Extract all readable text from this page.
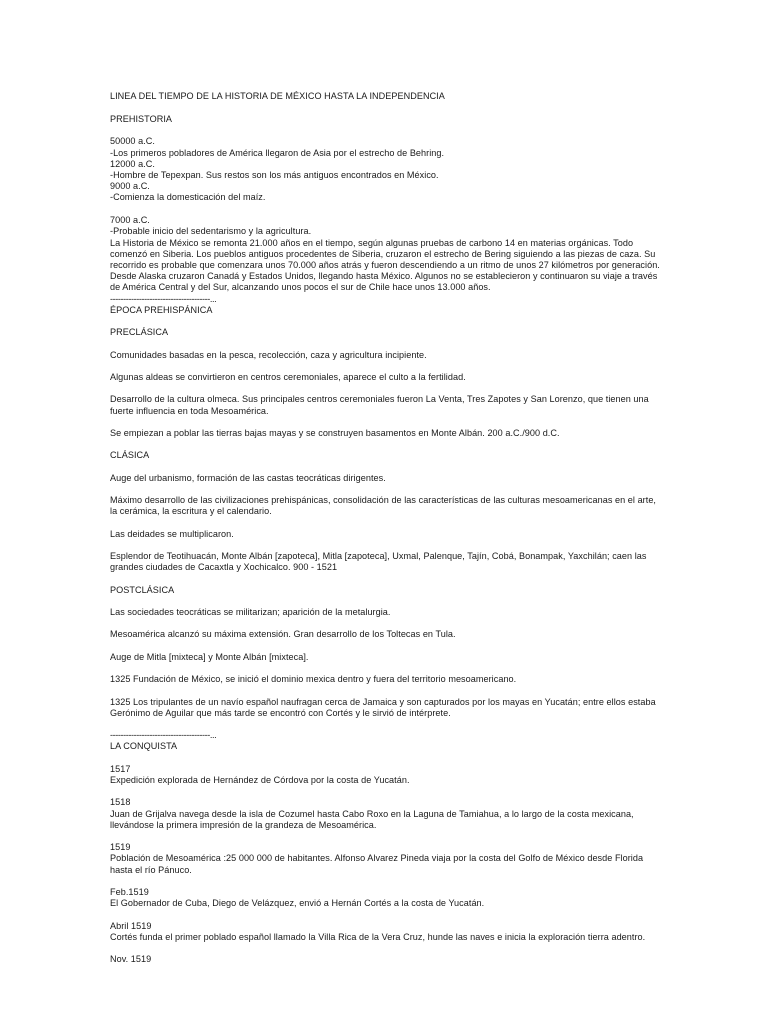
LINEA DEL TIEMPO DE LA HISTORIA DE MÉXICO HASTA LA INDEPENDENCIA

PREHISTORIA

50000 a.C.

-Los primeros pobladores de América llegaron de Asia por el estrecho de Behring.

12000 a.C.

-Hombre de Tepexpan. Sus restos son los más antiguos encontrados en México.

9000 a.C.

-Comienza la domesticación del maíz.

7000 a.C.

-Probable inicio del sedentarismo y la agricultura.

La Historia de México se remonta 21.000 años en el tiempo, según algunas pruebas de carbono 14 en materias orgánicas. Todo comenzó en Siberia. Los pueblos antiguos procedentes de Siberia, cruzaron el estrecho de Bering siguiendo a las piezas de caza. Su recorrido es probable que comenzara unos 70.000 años atrás y fueron descendiendo a un ritmo de unos 27 kilómetros por generación. Desde Alaska cruzaron Canadá y Estados Unidos, llegando hasta México. Algunos no se establecieron y continuaron su viaje a través de América Central y del Sur, alcanzando unos pocos el sur de Chile hace unos 13.000 años.

--------------------------------------...

ÉPOCA PREHISPÁNICA

PRECLÁSICA

Comunidades basadas en la pesca, recolección, caza y agricultura incipiente.

Algunas aldeas se convirtieron en centros ceremoniales, aparece el culto a la fertilidad.

Desarrollo de la cultura olmeca. Sus principales centros ceremoniales fueron La Venta, Tres Zapotes y San Lorenzo, que tienen una fuerte influencia en toda Mesoamérica.

Se empiezan a poblar las tierras bajas mayas y se construyen basamentos en Monte Albán. 200 a.C./900 d.C.

CLÁSICA

Auge del urbanismo, formación de las castas teocráticas dirigentes.

Máximo desarrollo de las civilizaciones prehispánicas, consolidación de las características de las culturas mesoamericanas en el arte, la cerámica, la escritura y el calendario.

Las deidades se multiplicaron.

Esplendor de Teotihuacán, Monte Albán [zapoteca], Mitla [zapoteca], Uxmal, Palenque, Tajín, Cobá, Bonampak, Yaxchilán; caen las grandes ciudades de Cacaxtla y Xochicalco. 900 - 1521

POSTCLÁSICA

Las sociedades teocráticas se militarizan; aparición de la metalurgia.

Mesoamérica alcanzó su máxima extensión. Gran desarrollo de los Toltecas en Tula.

Auge de Mitla [mixteca] y Monte Albán [mixteca].

1325 Fundación de México, se inició el dominio mexica dentro y fuera del territorio mesoamericano.

1325 Los tripulantes de un navío español naufragan cerca de Jamaica y son capturados por los mayas en Yucatán; entre ellos estaba Gerónimo de Aguilar que más tarde se encontró con Cortés y le sirvió de intérprete.

--------------------------------------...

LA CONQUISTA

1517

Expedición explorada de Hernández de Córdova por la costa de Yucatán.

1518

Juan de Grijalva navega desde la isla de Cozumel hasta Cabo Roxo en la Laguna de Tamiahua, a lo largo de la costa mexicana, llevándose la primera impresión de la grandeza de Mesoamérica.

1519

Población de Mesoamérica :25 000 000 de habitantes. Alfonso Alvarez Pineda viaja por la costa del Golfo de México desde Florida hasta el río Pánuco.

Feb.1519

El Gobernador de Cuba, Diego de Velázquez, envió a Hernán Cortés a la costa de Yucatán.

Abril 1519

Cortés funda el primer poblado español llamado la Villa Rica de la Vera Cruz, hunde las naves e inicia la exploración tierra adentro.

Nov. 1519
